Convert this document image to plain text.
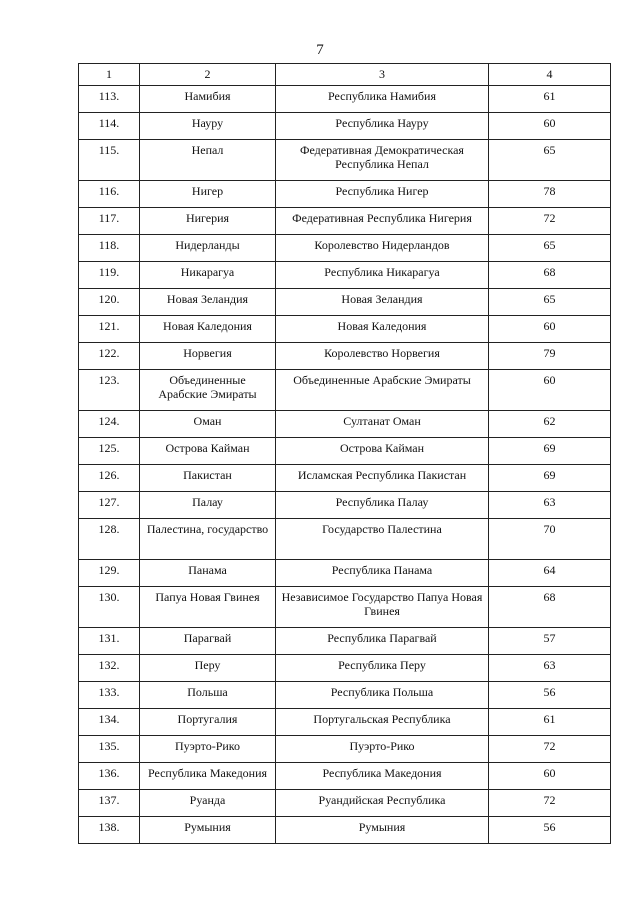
7
1	2	3	4
113.	Намибия	Республика Намибия	61
114.	Науру	Республика Науру	60
115.	Непал	Федеративная Демократическая Республика Непал	65
116.	Нигер	Республика Нигер	78
117.	Нигерия	Федеративная Республика Нигерия	72
118.	Нидерланды	Королевство Нидерландов	65
119.	Никарагуа	Республика Никарагуа	68
120.	Новая Зеландия	Новая Зеландия	65
121.	Новая Каледония	Новая Каледония	60
122.	Норвегия	Королевство Норвегия	79
123.	Объединенные Арабские Эмираты	Объединенные Арабские Эмираты	60
124.	Оман	Султанат Оман	62
125.	Острова Кайман	Острова Кайман	69
126.	Пакистан	Исламская Республика Пакистан	69
127.	Палау	Республика Палау	63
128.	Палестина, государство	Государство Палестина	70
129.	Панама	Республика Панама	64
130.	Папуа Новая Гвинея	Независимое Государство Папуа Новая Гвинея	68
131.	Парагвай	Республика Парагвай	57
132.	Перу	Республика Перу	63
133.	Польша	Республика Польша	56
134.	Португалия	Португальская Республика	61
135.	Пуэрто-Рико	Пуэрто-Рико	72
136.	Республика Македония	Республика Македония	60
137.	Руанда	Руандийская Республика	72
138.	Румыния	Румыния	56
